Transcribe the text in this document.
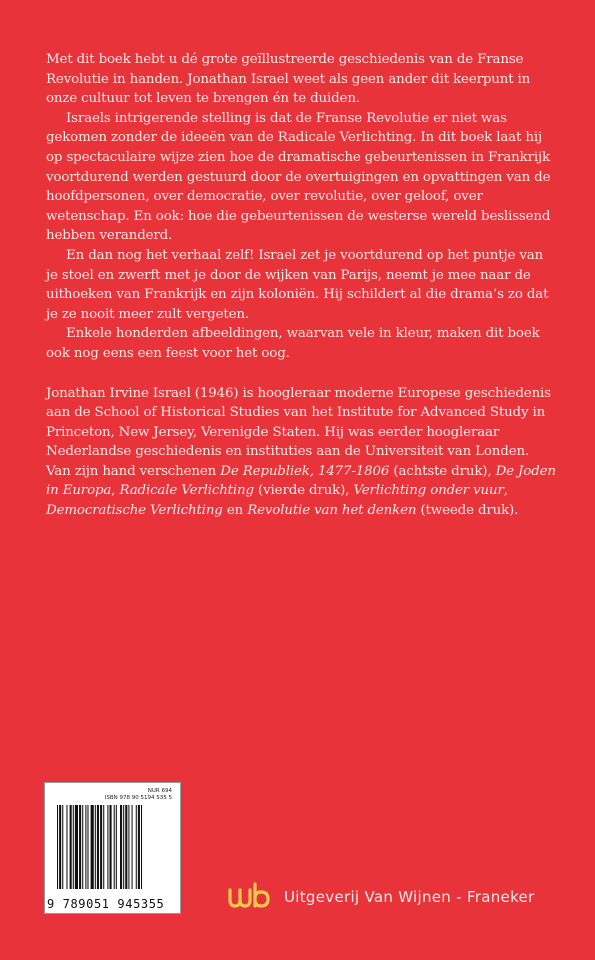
Met dit boek hebt u dé grote geïllustreerde geschiedenis van de Franse Revolutie in handen. Jonathan Israel weet als geen ander dit keerpunt in onze cultuur tot leven te brengen én te duiden.

Israels intrigerende stelling is dat de Franse Revolutie er niet was gekomen zonder de ideeën van de Radicale Verlichting. In dit boek laat hij op spectaculaire wijze zien hoe de dramatische gebeurtenissen in Frankrijk voortdurend werden gestuurd door de overtuigingen en opvattingen van de hoofdpersonen, over democratie, over revolutie, over geloof, over wetenschap. En ook: hoe die gebeurtenissen de westerse wereld beslissend hebben veranderd.

En dan nog het verhaal zelf! Israel zet je voortdurend op het puntje van je stoel en zwerft met je door de wijken van Parijs, neemt je mee naar de uithoeken van Frankrijk en zijn koloniën. Hij schildert al die drama’s zo dat je ze nooit meer zult vergeten.

Enkele honderden afbeeldingen, waarvan vele in kleur, maken dit boek ook nog eens een feest voor het oog.

Jonathan Irvine Israel (1946) is hoogleraar moderne Europese geschiedenis aan de School of Historical Studies van het Institute for Advanced Study in Princeton, New Jersey, Verenigde Staten. Hij was eerder hoogleraar Nederlandse geschiedenis en instituties aan de Universiteit van Londen. Van zijn hand verschenen De Republiek, 1477-1806 (achtste druk), De Joden in Europa, Radicale Verlichting (vierde druk), Verlichting onder vuur, Democratische Verlichting en Revolutie van het denken (tweede druk).

NUR 694
ISBN 978 90 5194 535 5
9 789051 945355	Uitgeverij Van Wijnen - Franeker
